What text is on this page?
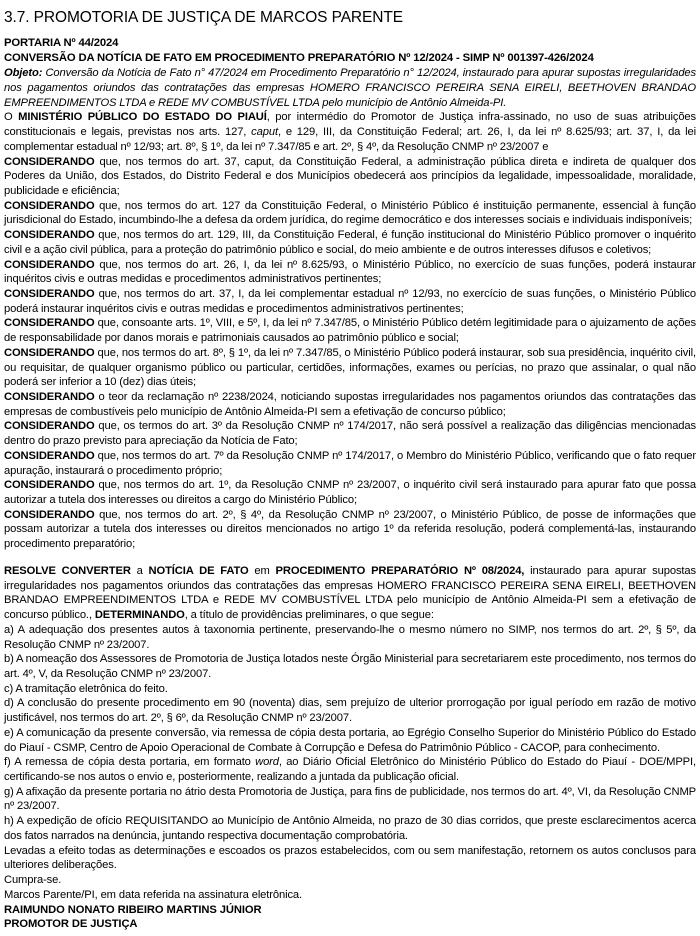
3.7. PROMOTORIA DE JUSTIÇA DE MARCOS PARENTE
PORTARIA Nº 44/2024
CONVERSÃO DA NOTÍCIA DE FATO EM PROCEDIMENTO PREPARATÓRIO Nº 12/2024 - SIMP Nº 001397-426/2024

Objeto: Conversão da Notícia de Fato n° 47/2024 em Procedimento Preparatório n° 12/2024, instaurado para apurar supostas irregularidades nos pagamentos oriundos das contratações das empresas HOMERO FRANCISCO PEREIRA SENA EIRELI, BEETHOVEN BRANDAO EMPREENDIMENTOS LTDA e REDE MV COMBUSTÍVEL LTDA pelo município de Antônio Almeida-PI.

O MINISTÉRIO PÚBLICO DO ESTADO DO PIAUÍ, por intermédio do Promotor de Justiça infra-assinado, no uso de suas atribuições constitucionais e legais, previstas nos arts. 127, caput, e 129, III, da Constituição Federal; art. 26, I, da lei nº 8.625/93; art. 37, I, da lei complementar estadual nº 12/93; art. 8º, § 1º, da lei nº 7.347/85 e art. 2º, § 4º, da Resolução CNMP nº 23/2007 e

CONSIDERANDO que, nos termos do art. 37, caput, da Constituição Federal, a administração pública direta e indireta de qualquer dos Poderes da União, dos Estados, do Distrito Federal e dos Municípios obedecerá aos princípios da legalidade, impessoalidade, moralidade, publicidade e eficiência;

CONSIDERANDO que, nos termos do art. 127 da Constituição Federal, o Ministério Público é instituição permanente, essencial à função jurisdicional do Estado, incumbindo-lhe a defesa da ordem jurídica, do regime democrático e dos interesses sociais e individuais indisponíveis;

CONSIDERANDO que, nos termos do art. 129, III, da Constituição Federal, é função institucional do Ministério Público promover o inquérito civil e a ação civil pública, para a proteção do patrimônio público e social, do meio ambiente e de outros interesses difusos e coletivos;

CONSIDERANDO que, nos termos do art. 26, I, da lei nº 8.625/93, o Ministério Público, no exercício de suas funções, poderá instaurar inquéritos civis e outras medidas e procedimentos administrativos pertinentes;

CONSIDERANDO que, nos termos do art. 37, I, da lei complementar estadual nº 12/93, no exercício de suas funções, o Ministério Público poderá instaurar inquéritos civis e outras medidas e procedimentos administrativos pertinentes;

CONSIDERANDO que, consoante arts. 1º, VIII, e 5º, I, da lei nº 7.347/85, o Ministério Público detém legitimidade para o ajuizamento de ações de responsabilidade por danos morais e patrimoniais causados ao patrimônio público e social;

CONSIDERANDO que, nos termos do art. 8º, § 1º, da lei nº 7.347/85, o Ministério Público poderá instaurar, sob sua presidência, inquérito civil, ou requisitar, de qualquer organismo público ou particular, certidões, informações, exames ou perícias, no prazo que assinalar, o qual não poderá ser inferior a 10 (dez) dias úteis;

CONSIDERANDO o teor da reclamação nº 2238/2024, noticiando supostas irregularidades nos pagamentos oriundos das contratações das empresas de combustíveis pelo município de Antônio Almeida-PI sem a efetivação de concurso público;

CONSIDERANDO que, os termos do art. 3º da Resolução CNMP nº 174/2017, não será possível a realização das diligências mencionadas dentro do prazo previsto para apreciação da Notícia de Fato;

CONSIDERANDO que, nos termos do art. 7º da Resolução CNMP nº 174/2017, o Membro do Ministério Público, verificando que o fato requer apuração, instaurará o procedimento próprio;

CONSIDERANDO que, nos termos do art. 1º, da Resolução CNMP nº 23/2007, o inquérito civil será instaurado para apurar fato que possa autorizar a tutela dos interesses ou direitos a cargo do Ministério Público;

CONSIDERANDO que, nos termos do art. 2º, § 4º, da Resolução CNMP nº 23/2007, o Ministério Público, de posse de informações que possam autorizar a tutela dos interesses ou direitos mencionados no artigo 1º da referida resolução, poderá complementá-las, instaurando procedimento preparatório;

RESOLVE CONVERTER a NOTÍCIA DE FATO em PROCEDIMENTO PREPARATÓRIO Nº 08/2024, instaurado para apurar supostas irregularidades nos pagamentos oriundos das contratações das empresas HOMERO FRANCISCO PEREIRA SENA EIRELI, BEETHOVEN BRANDAO EMPREENDIMENTOS LTDA e REDE MV COMBUSTÍVEL LTDA pelo município de Antônio Almeida-PI sem a efetivação de concurso público., DETERMINANDO, a título de providências preliminares, o que segue:

a) A adequação dos presentes autos à taxonomia pertinente, preservando-lhe o mesmo número no SIMP, nos termos do art. 2º, § 5º, da Resolução CNMP nº 23/2007.

b) A nomeação dos Assessores de Promotoria de Justiça lotados neste Órgão Ministerial para secretariarem este procedimento, nos termos do art. 4º, V, da Resolução CNMP nº 23/2007.

c) A tramitação eletrônica do feito.

d) A conclusão do presente procedimento em 90 (noventa) dias, sem prejuízo de ulterior prorrogação por igual período em razão de motivo justificável, nos termos do art. 2º, § 6º, da Resolução CNMP nº 23/2007.

e) A comunicação da presente conversão, via remessa de cópia desta portaria, ao Egrégio Conselho Superior do Ministério Público do Estado do Piauí - CSMP, Centro de Apoio Operacional de Combate à Corrupção e Defesa do Patrimônio Público - CACOP, para conhecimento.

f) A remessa de cópia desta portaria, em formato word, ao Diário Oficial Eletrônico do Ministério Público do Estado do Piauí - DOE/MPPI, certificando-se nos autos o envio e, posteriormente, realizando a juntada da publicação oficial.

g) A afixação da presente portaria no átrio desta Promotoria de Justiça, para fins de publicidade, nos termos do art. 4º, VI, da Resolução CNMP nº 23/2007.

h) A expedição de ofício REQUISITANDO ao Município de Antônio Almeida, no prazo de 30 dias corridos, que preste esclarecimentos acerca dos fatos narrados na denúncia, juntando respectiva documentação comprobatória.

Levadas a efeito todas as determinações e escoados os prazos estabelecidos, com ou sem manifestação, retornem os autos conclusos para ulteriores deliberações.

Cumpra-se.
Marcos Parente/PI, em data referida na assinatura eletrônica.
RAIMUNDO NONATO RIBEIRO MARTINS JÚNIOR
PROMOTOR DE JUSTIÇA
